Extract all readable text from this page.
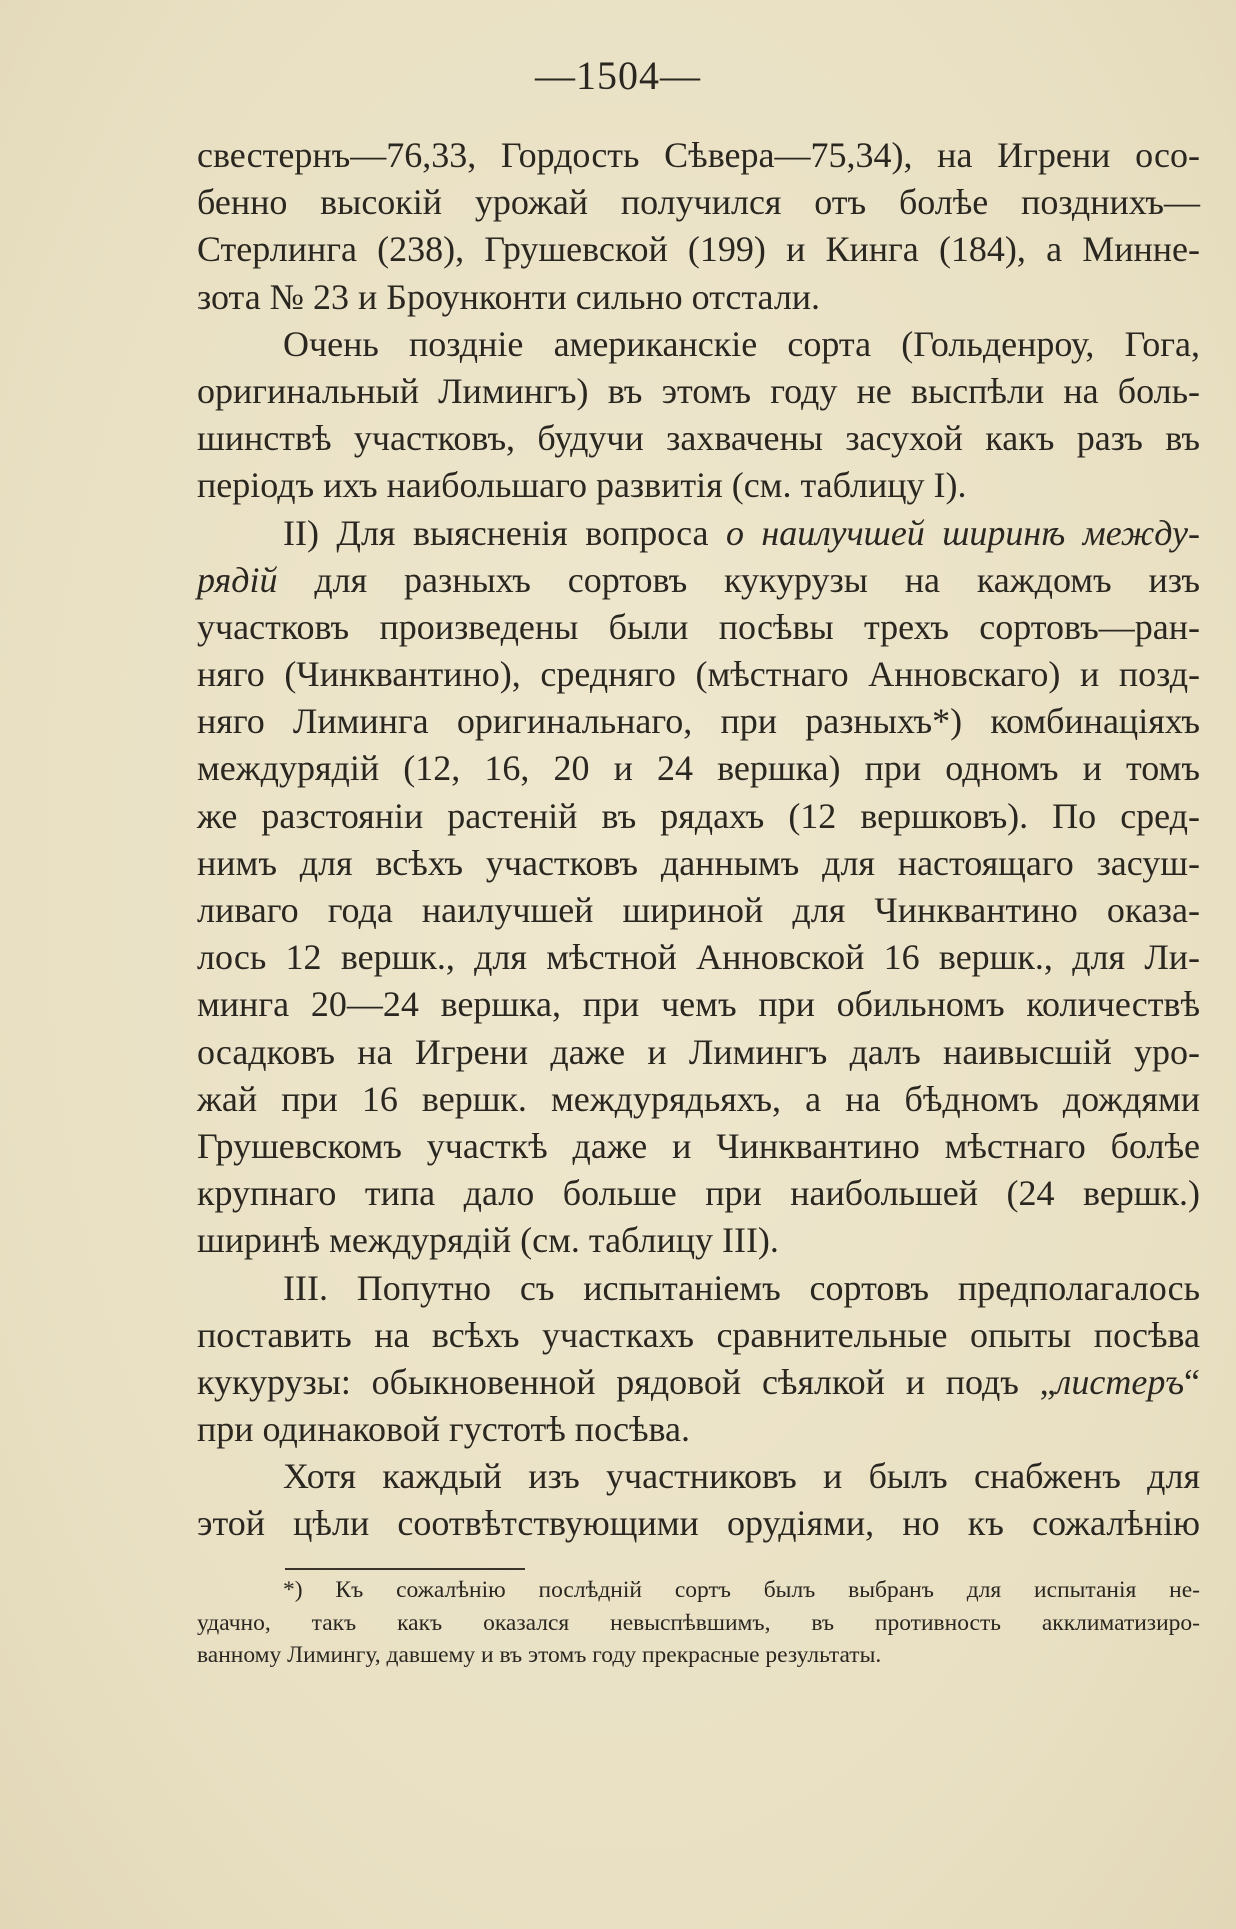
—1504—
свестернъ—76,33, Гордость Сѣвера—75,34), на Игрени осо-
бенно высокій урожай получился отъ болѣе позднихъ—
Стерлинга (238), Грушевской (199) и Кинга (184), а Минне-
зота № 23 и Броунконти сильно отстали.
Очень поздніе американскіе сорта (Гольденроу, Гога,
оригинальный Лимингъ) въ этомъ году не выспѣли на боль-
шинствѣ участковъ, будучи захвачены засухой какъ разъ въ
періодъ ихъ наибольшаго развитія (см. таблицу I).
II) Для выясненія вопроса о наилучшей ширинѣ между-
рядій для разныхъ сортовъ кукурузы на каждомъ изъ
участковъ произведены были посѣвы трехъ сортовъ—ран-
няго (Чинквантино), средняго (мѣстнаго Анновскаго) и позд-
няго Лиминга оригинальнаго, при разныхъ*) комбинаціяхъ
междурядій (12, 16, 20 и 24 вершка) при одномъ и томъ
же разстояніи растеній въ рядахъ (12 вершковъ). По сред-
нимъ для всѣхъ участковъ даннымъ для настоящаго засуш-
ливаго года наилучшей шириной для Чинквантино оказа-
лось 12 вершк., для мѣстной Анновской 16 вершк., для Ли-
минга 20—24 вершка, при чемъ при обильномъ количествѣ
осадковъ на Игрени даже и Лимингъ далъ наивысшій уро-
жай при 16 вершк. междурядьяхъ, а на бѣдномъ дождями
Грушевскомъ участкѣ даже и Чинквантино мѣстнаго болѣе
крупнаго типа дало больше при наибольшей (24 вершк.)
ширинѣ междурядій (см. таблицу III).
III. Попутно съ испытаніемъ сортовъ предполагалось
поставить на всѣхъ участкахъ сравнительные опыты посѣва
кукурузы: обыкновенной рядовой сѣялкой и подъ „листеръ“
при одинаковой густотѣ посѣва.
Хотя каждый изъ участниковъ и былъ снабженъ для
этой цѣли соотвѣтствующими орудіями, но къ сожалѣнію
*) Къ сожалѣнію послѣдній сортъ былъ выбранъ для испытанія не-
удачно, такъ какъ оказался невыспѣвшимъ, въ противность акклиматизиро-
ванному Лимингу, давшему и въ этомъ году прекрасные результаты.
